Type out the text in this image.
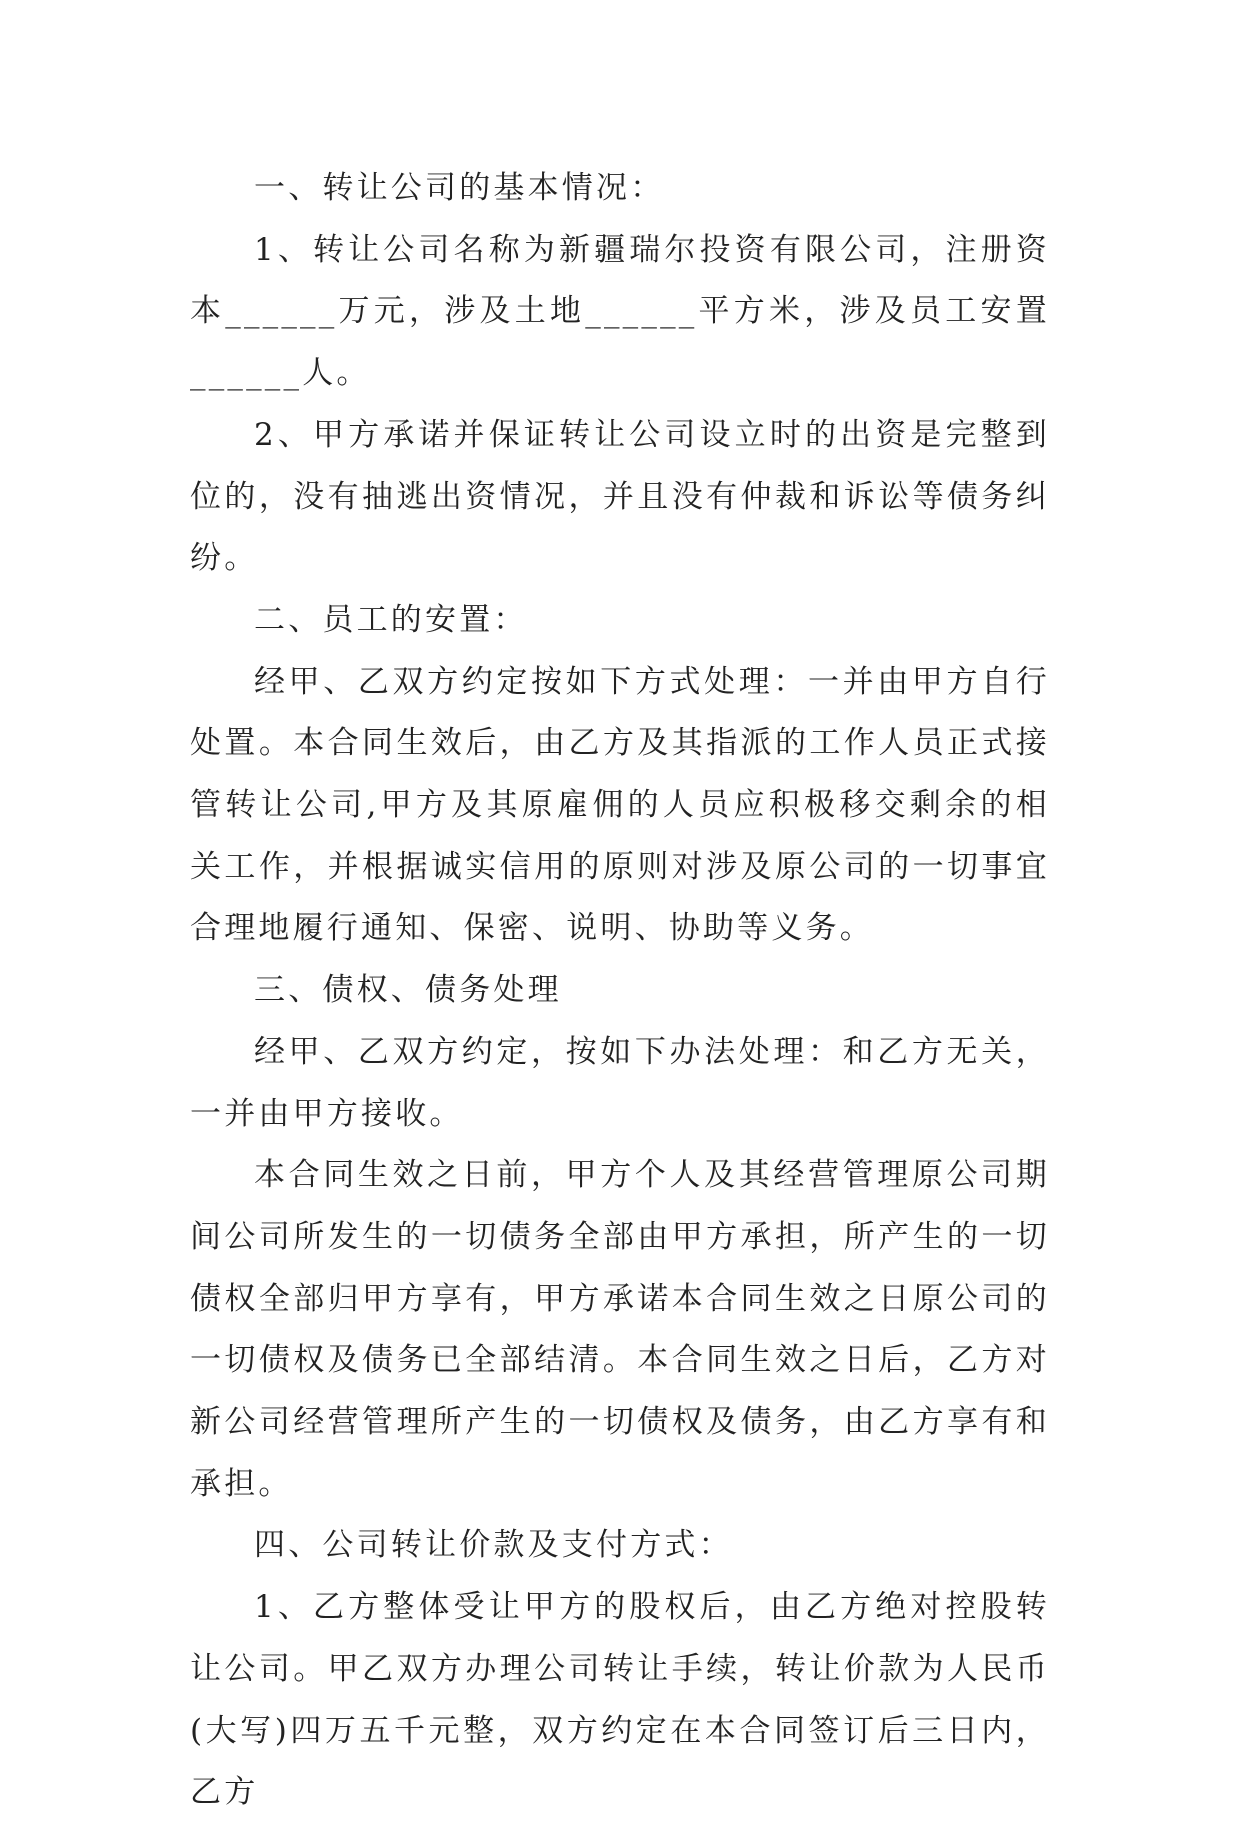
一、转让公司的基本情况：

1、转让公司名称为新疆瑞尔投资有限公司，注册资本______万元，涉及土地______平方米，涉及员工安置______人。

2、甲方承诺并保证转让公司设立时的出资是完整到位的，没有抽逃出资情况，并且没有仲裁和诉讼等债务纠纷。

二、员工的安置：

经甲、乙双方约定按如下方式处理：一并由甲方自行处置。本合同生效后，由乙方及其指派的工作人员正式接管转让公司,甲方及其原雇佣的人员应积极移交剩余的相关工作，并根据诚实信用的原则对涉及原公司的一切事宜合理地履行通知、保密、说明、协助等义务。

三、债权、债务处理

经甲、乙双方约定，按如下办法处理：和乙方无关，一并由甲方接收。

本合同生效之日前，甲方个人及其经营管理原公司期间公司所发生的一切债务全部由甲方承担，所产生的一切债权全部归甲方享有，甲方承诺本合同生效之日原公司的一切债权及债务已全部结清。本合同生效之日后，乙方对新公司经营管理所产生的一切债权及债务，由乙方享有和承担。

四、公司转让价款及支付方式：

1、乙方整体受让甲方的股权后，由乙方绝对控股转让公司。甲乙双方办理公司转让手续，转让价款为人民币(大写)四万五千元整，双方约定在本合同签订后三日内，乙方
